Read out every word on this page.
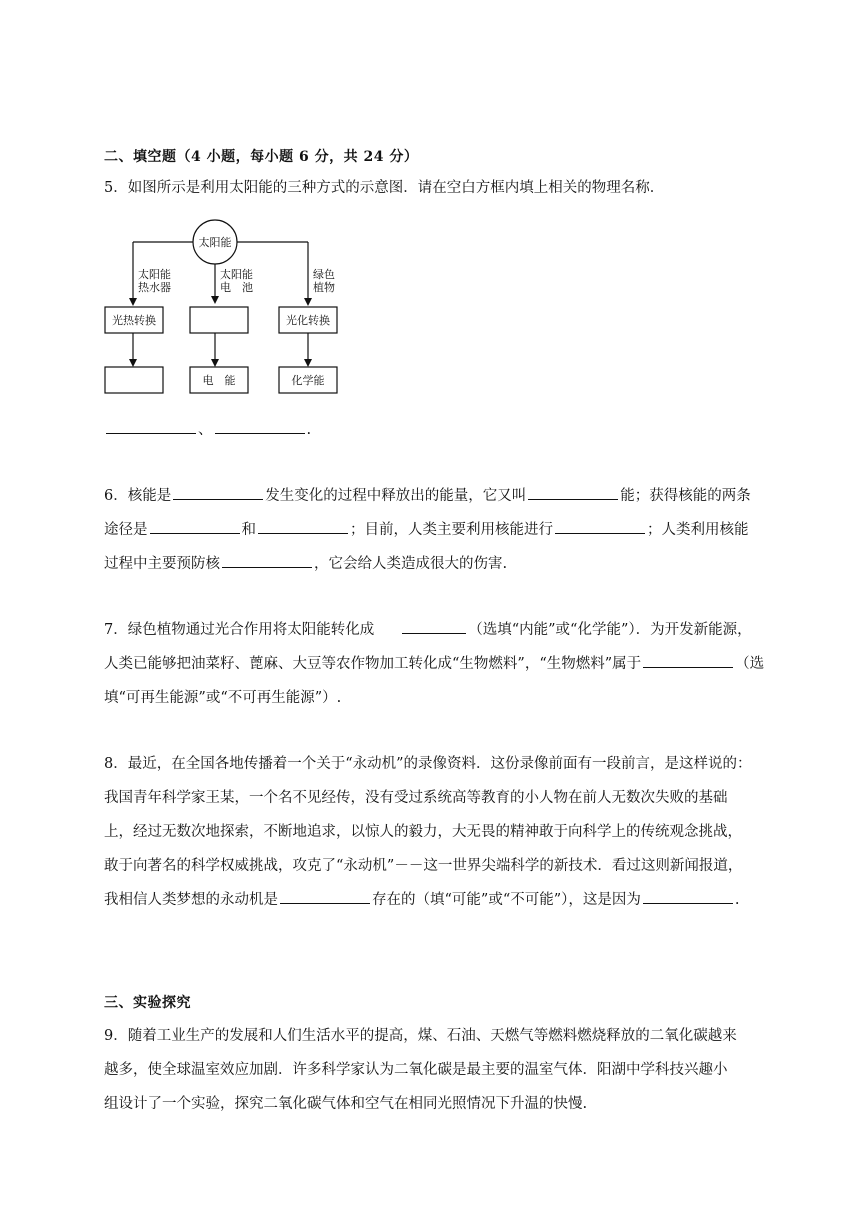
二、填空题（4 小题，每小题 6 分，共 24 分）
5．如图所示是利用太阳能的三种方式的示意图．请在空白方框内填上相关的物理名称．
太阳能
太阳能
热水器
太阳能
电　池
绿色
植物
光热转换	光化转换
电　能	化学能
、	.
6．核能是	发生变化的过程中释放出的能量，它又叫	能；获得核能的两条
途径是	和	；目前，人类主要利用核能进行	；人类利用核能
过程中主要预防核	，它会给人类造成很大的伤害.
7．绿色植物通过光合作用将太阳能转化成	（选填“内能”或“化学能”）．为开发新能源，
人类已能够把油菜籽、蓖麻、大豆等农作物加工转化成“生物燃料”，“生物燃料”属于	（选
填“可再生能源”或“不可再生能源”）.
8．最近，在全国各地传播着一个关于“永动机”的录像资料．这份录像前面有一段前言，是这样说的：
我国青年科学家王某，一个名不见经传，没有受过系统高等教育的小人物在前人无数次失败的基础
上，经过无数次地探索，不断地追求，以惊人的毅力，大无畏的精神敢于向科学上的传统观念挑战，
敢于向著名的科学权威挑战，攻克了“永动机”－－这一世界尖端科学的新技术．看过这则新闻报道，
我相信人类梦想的永动机是	存在的（填“可能”或“不可能”），这是因为	.
三、实验探究
9．随着工业生产的发展和人们生活水平的提高，煤、石油、天燃气等燃料燃烧释放的二氧化碳越来
越多，使全球温室效应加剧．许多科学家认为二氧化碳是最主要的温室气体．阳湖中学科技兴趣小
组设计了一个实验，探究二氧化碳气体和空气在相同光照情况下升温的快慢.
